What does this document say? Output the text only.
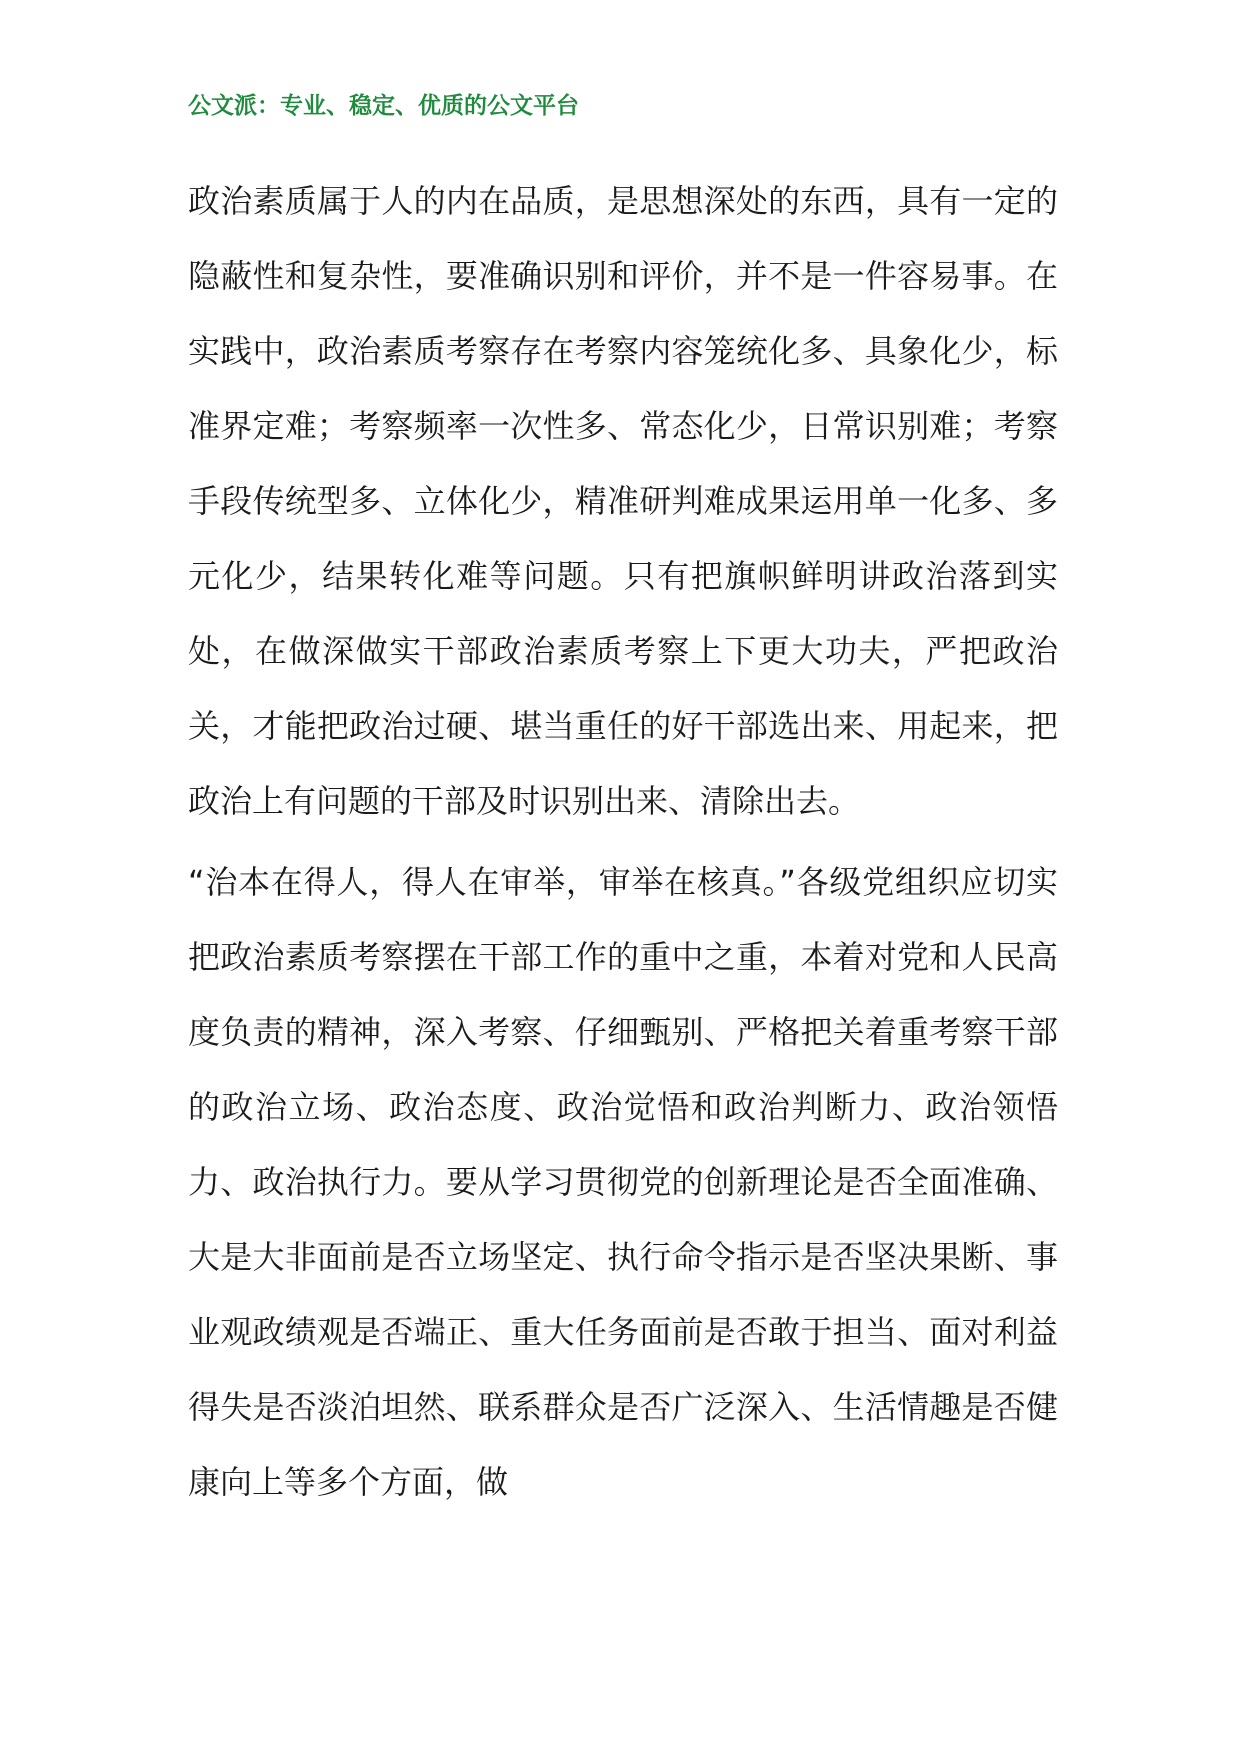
公文派：专业、稳定、优质的公文平台

政治素质属于人的内在品质，是思想深处的东西，具有一定的隐蔽性和复杂性，要准确识别和评价，并不是一件容易事。在实践中，政治素质考察存在考察内容笼统化多、具象化少，标准界定难；考察频率一次性多、常态化少，日常识别难；考察手段传统型多、立体化少，精准研判难成果运用单一化多、多元化少，结果转化难等问题。只有把旗帜鲜明讲政治落到实处，在做深做实干部政治素质考察上下更大功夫，严把政治关，才能把政治过硬、堪当重任的好干部选出来、用起来，把政治上有问题的干部及时识别出来、清除出去。

“治本在得人，得人在审举，审举在核真。”各级党组织应切实把政治素质考察摆在干部工作的重中之重，本着对党和人民高度负责的精神，深入考察、仔细甄别、严格把关着重考察干部的政治立场、政治态度、政治觉悟和政治判断力、政治领悟力、政治执行力。要从学习贯彻党的创新理论是否全面准确、大是大非面前是否立场坚定、执行命令指示是否坚决果断、事业观政绩观是否端正、重大任务面前是否敢于担当、面对利益得失是否淡泊坦然、联系群众是否广泛深入、生活情趣是否健康向上等多个方面，做
